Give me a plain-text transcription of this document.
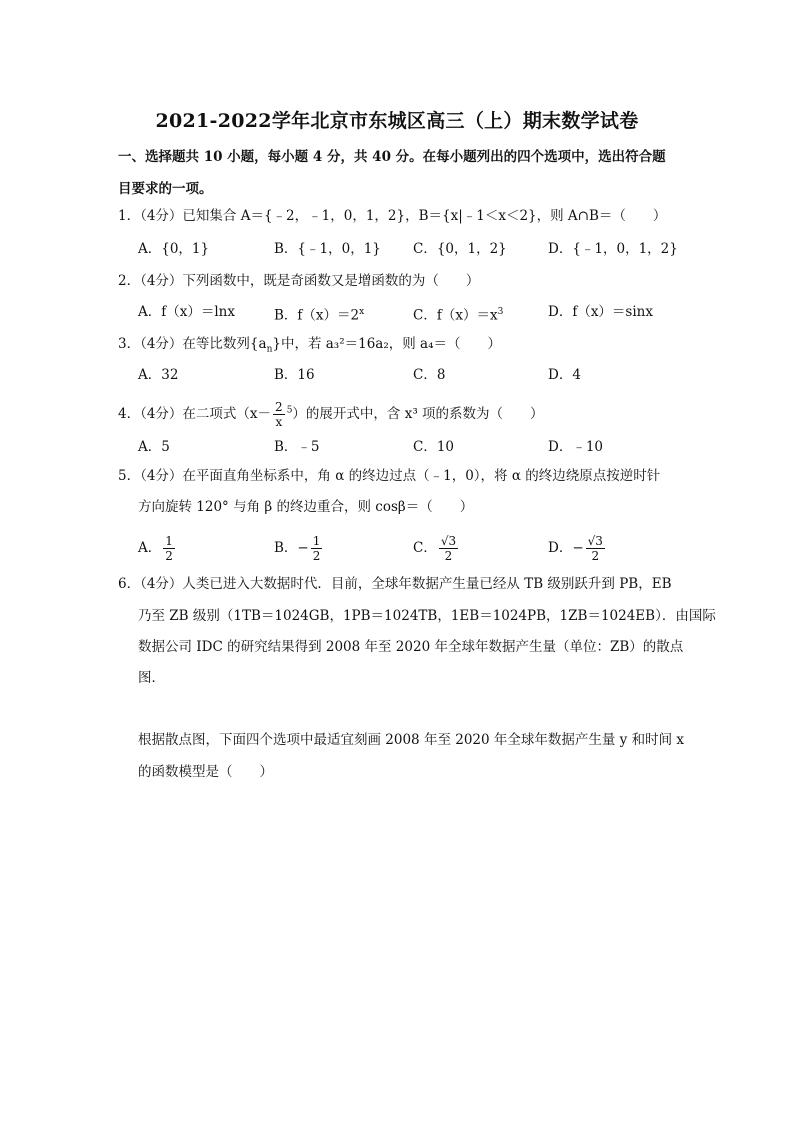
2021-2022学年北京市东城区高三（上）期末数学试卷
一、选择题共 10 小题，每小题 4 分，共 40 分。在每小题列出的四个选项中，选出符合题
目要求的一项。
1．（4分）已知集合 A＝{﹣2，﹣1，0，1，2}，B＝{x|﹣1＜x＜2}，则 A∩B＝（　　）
A．{0，1}	B．{﹣1，0，1} C．{0，1，2}	D．{﹣1，0，1，2}
2．（4分）下列函数中，既是奇函数又是增函数的为（　　）
A．f（x）＝lnx	B．$f(x)=2^x$	C．$f(x)=x^3$	D．f（x）＝sinx
3．（4分）在等比数列$\{a_n\}$中，若 a₃²＝16a₂，则 a₄＝（　　）
A．32	B．16	C．8	D．4
4．（4分）在二项式$(x- \frac{2}{x} ^5)$的展开式中，含 x³ 项的系数为（　　）
A．5	B．﹣5	C．10	D．﹣10
5．（4分）在平面直角坐标系中，角 α 的终边过点（﹣1，0），将 α 的终边绕原点按逆时针
方向旋转 120° 与角 β 的终边重合，则 cosβ＝（　　）
A． $\frac{1}{2}$	B．− $\frac{1}{2}$	C． $\frac{√3}{2}$	D．− $\frac{√3}{2}$
6．（4分）人类已进入大数据时代．目前，全球年数据产生量已经从 TB 级别跃升到 PB，EB
乃至 ZB 级别（1TB＝1024GB，1PB＝1024TB，1EB＝1024PB，1ZB＝1024EB）．由国际
数据公司 IDC 的研究结果得到 2008 年至 2020 年全球年数据产生量（单位：ZB）的散点
图．
根据散点图，下面四个选项中最适宜刻画 2008 年至 2020 年全球年数据产生量 y 和时间 x
的函数模型是（　　）
